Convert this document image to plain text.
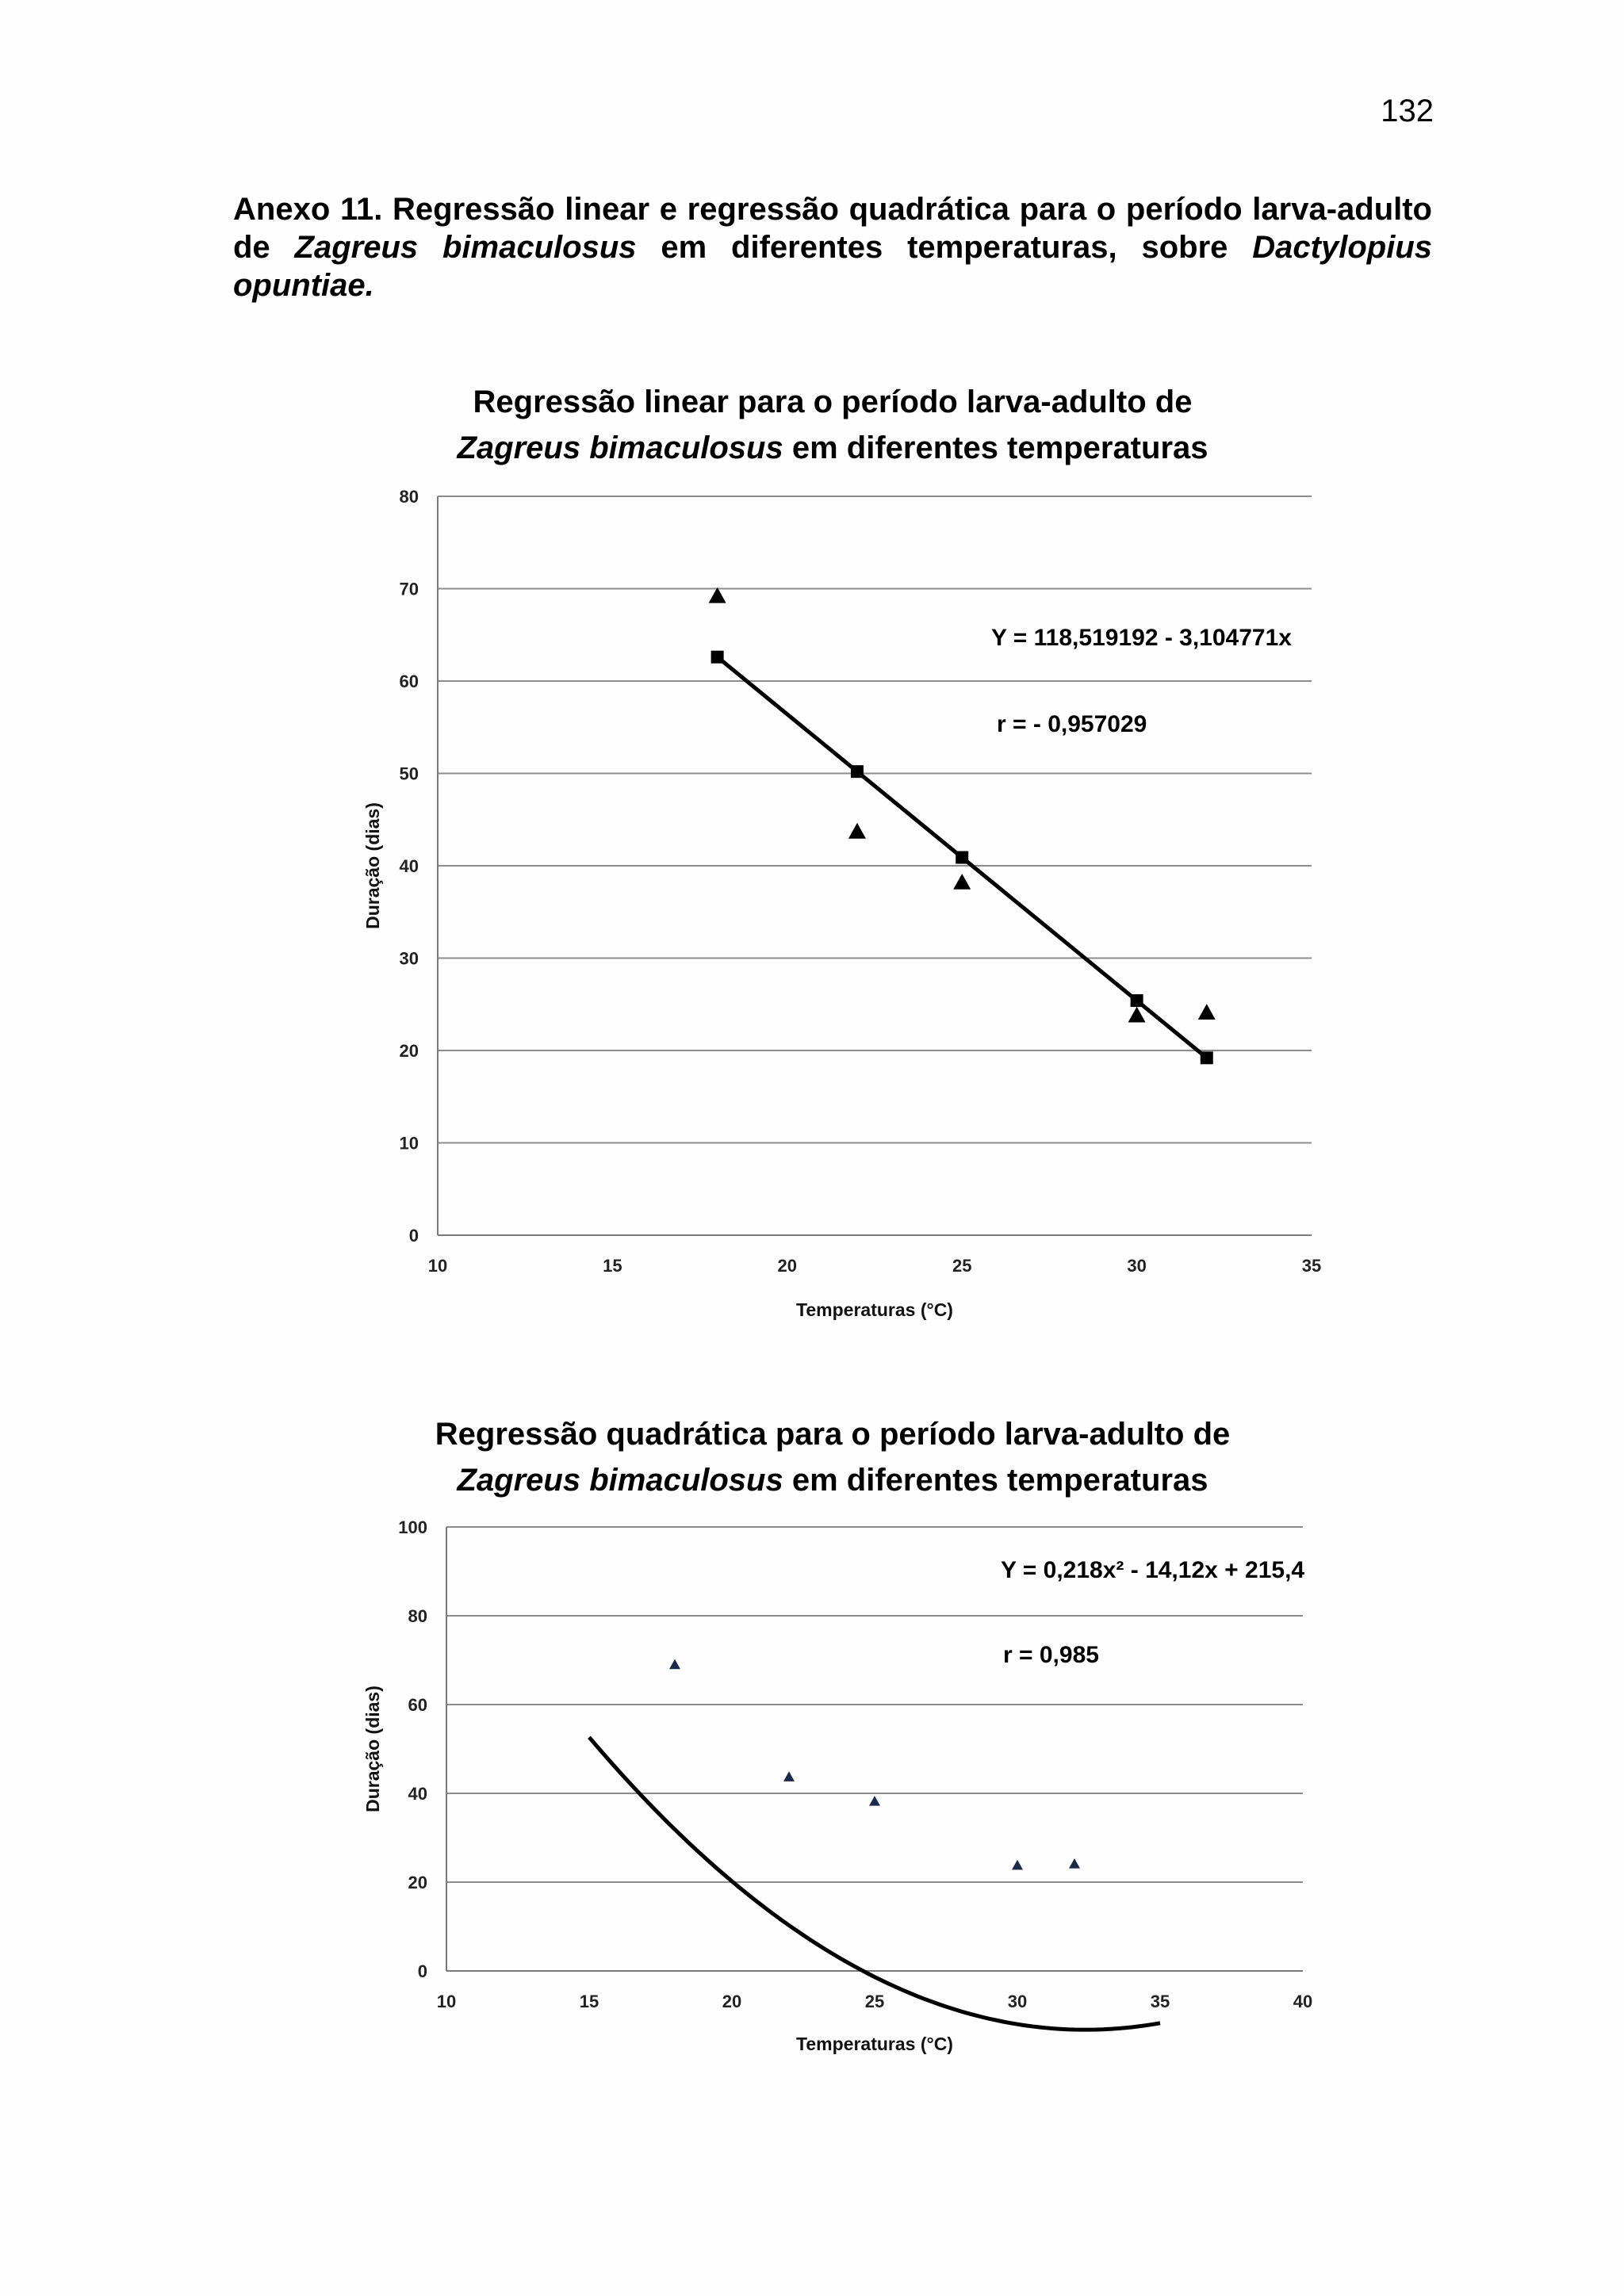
132
Anexo 11. Regressão linear e regressão quadrática para o período larva-adulto de Zagreus bimaculosus em diferentes temperaturas, sobre Dactylopius opuntiae.
Regressão linear para o período larva-adulto de
Zagreus bimaculosus em diferentes temperaturas
Regressão quadrática para o período larva-adulto de
Zagreus bimaculosus em diferentes temperaturas
0
10
20
30
40
50
60
70
80
10	15	20	25	30	35
Temperaturas (°C)
Duração (dias)
Y = 118,519192 - 3,104771x
r = - 0,957029
0
20
40
60
80
100
10	15	20	25	30	35	40
Temperaturas (°C)
Duração (dias)
Y = 0,218x² - 14,12x + 215,4
r = 0,985
